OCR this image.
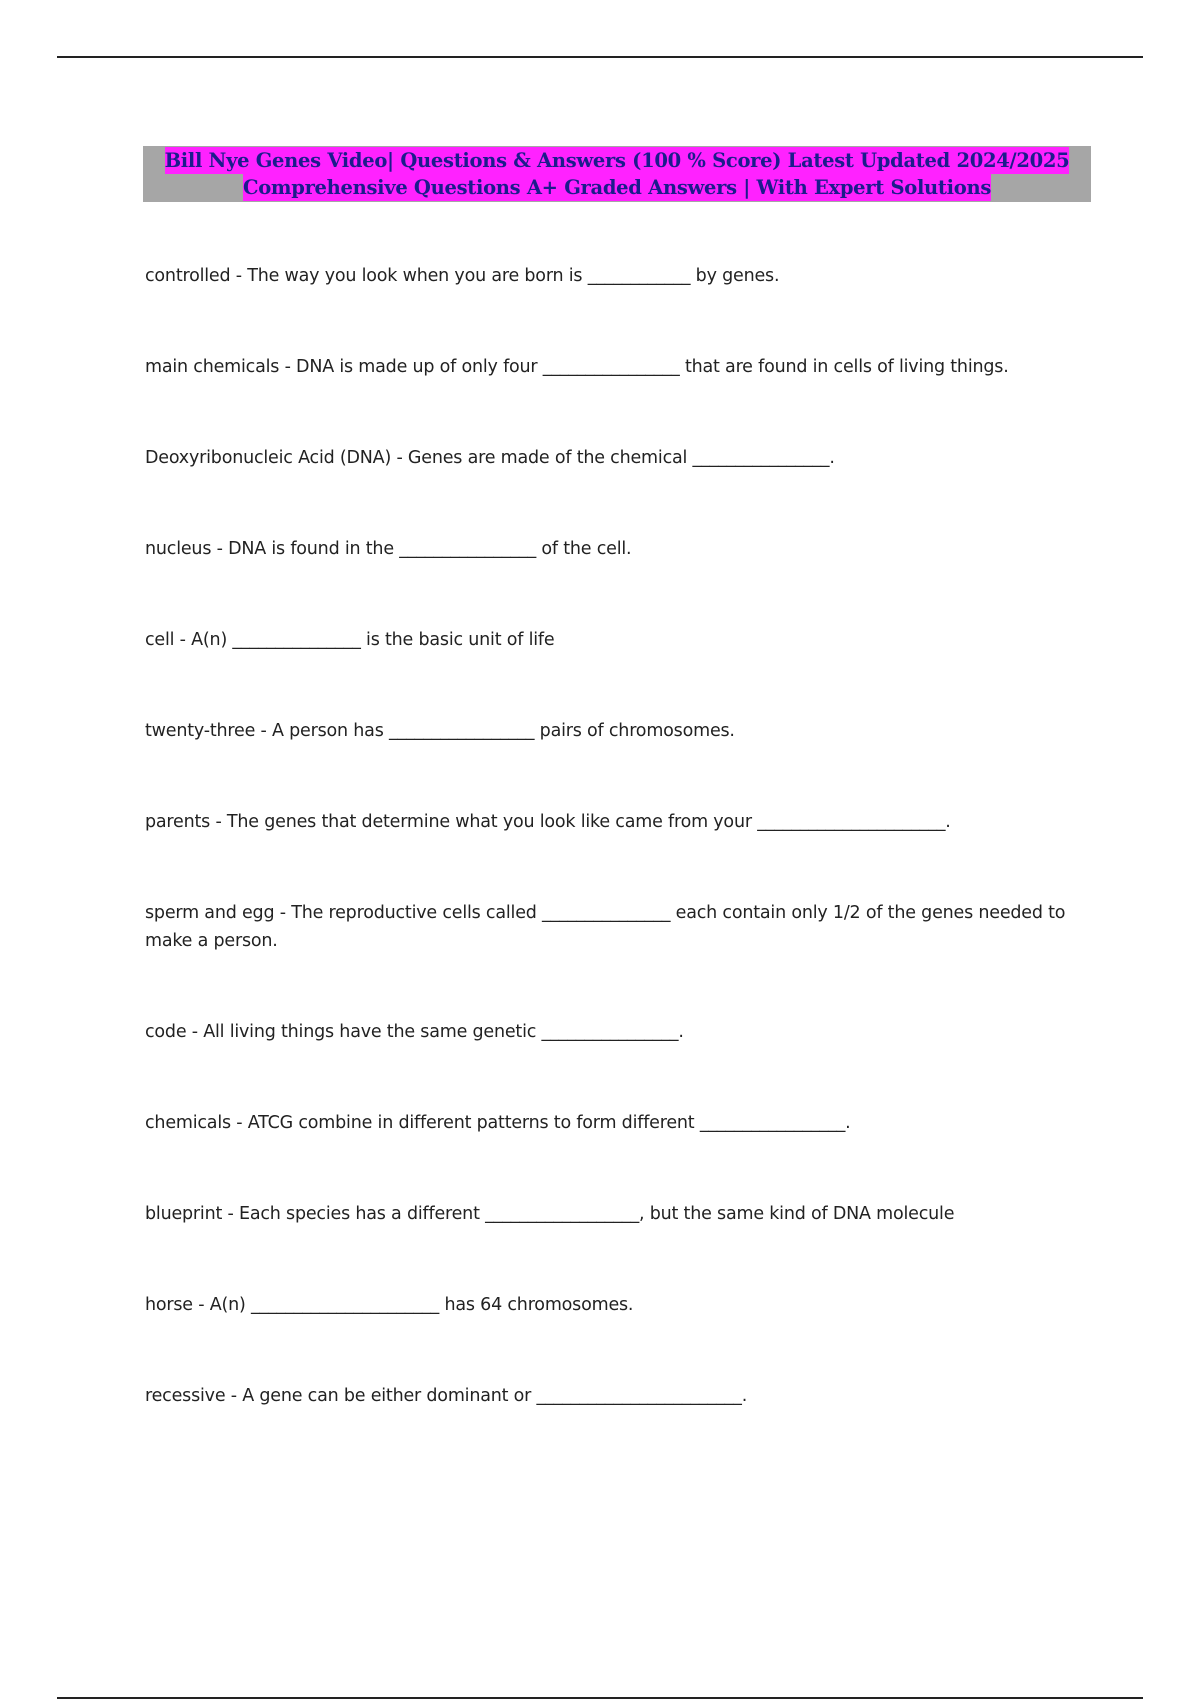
Bill Nye Genes Video| Questions & Answers (100 % Score) Latest Updated 2024/2025
Comprehensive Questions A+ Graded Answers | With Expert Solutions
controlled - The way you look when you are born is ____________ by genes.
main chemicals - DNA is made up of only four ________________ that are found in cells of living things.
Deoxyribonucleic Acid (DNA) - Genes are made of the chemical ________________.
nucleus - DNA is found in the ________________ of the cell.
cell - A(n) _______________ is the basic unit of life
twenty-three - A person has _________________ pairs of chromosomes.
parents - The genes that determine what you look like came from your ______________________.
sperm and egg - The reproductive cells called _______________ each contain only 1/2 of the genes needed to make a person.
code - All living things have the same genetic ________________.
chemicals - ATCG combine in different patterns to form different _________________.
blueprint - Each species has a different __________________, but the same kind of DNA molecule
horse - A(n) ______________________ has 64 chromosomes.
recessive - A gene can be either dominant or ________________________.
